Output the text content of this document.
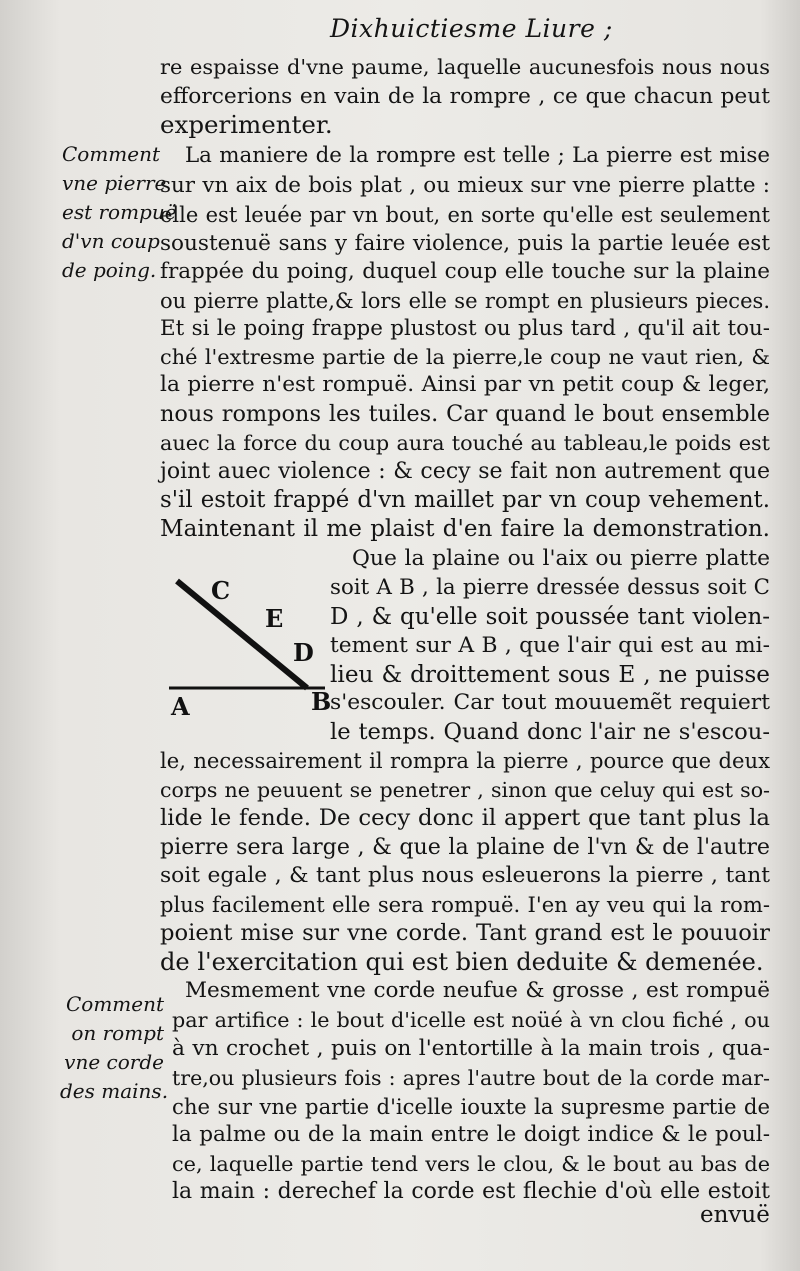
Dixhuictiesme Liure ;
Comment
vne pierre
est rompuë
d'vn coup
de poing.
Comment
on rompt
vne corde
des mains.
re espaisse d'vne paume, laquelle aucunesfois nous nous
efforcerions en vain de la rompre , ce que chacun peut
experimenter.
La maniere de la rompre est telle ; La pierre est mise
sur vn aix de bois plat , ou mieux sur vne pierre platte :
elle est leuée par vn bout, en sorte qu'elle est seulement
soustenuë sans y faire violence, puis la partie leuée est
frappée du poing, duquel coup elle touche sur la plaine
ou pierre platte,& lors elle se rompt en plusieurs pieces.
Et si le poing frappe plustost ou plus tard , qu'il ait tou-
ché l'extresme partie de la pierre,le coup ne vaut rien, &
la pierre n'est rompuë. Ainsi par vn petit coup & leger,
nous rompons les tuiles. Car quand le bout ensemble
auec la force du coup aura touché au tableau,le poids est
joint auec violence : & cecy se fait non autrement que
s'il estoit frappé d'vn maillet par vn coup vehement.
Maintenant il me plaist d'en faire la demonstration.
Que la plaine ou l'aix ou pierre platte
soit A B , la pierre dressée dessus soit C
D , & qu'elle soit poussée tant violen-
tement sur A B , que l'air qui est au mi-
lieu & droittement sous E , ne puisse
s'escouler. Car tout mouuemẽt requiert
le temps. Quand donc l'air ne s'escou-
le, necessairement il rompra la pierre , pource que deux
corps ne peuuent se penetrer , sinon que celuy qui est so-
lide le fende. De cecy donc il appert que tant plus la
pierre sera large , & que la plaine de l'vn & de l'autre
soit egale , & tant plus nous esleuerons la pierre , tant
plus facilement elle sera rompuë. I'en ay veu qui la rom-
poient mise sur vne corde. Tant grand est le pouuoir
de l'exercitation qui est bien deduite & demenée.
Mesmement vne corde neufue & grosse , est rompuë
par artifice : le bout d'icelle est noüé à vn clou fiché , ou
à vn crochet , puis on l'entortille à la main trois , qua-
tre,ou plusieurs fois : apres l'autre bout de la corde mar-
che sur vne partie d'icelle iouxte la supresme partie de
la palme ou de la main entre le doigt indice & le poul-
ce, laquelle partie tend vers le clou, & le bout au bas de
la main : derechef la corde est flechie d'où elle estoit
envuë
C
E
D
A	B
